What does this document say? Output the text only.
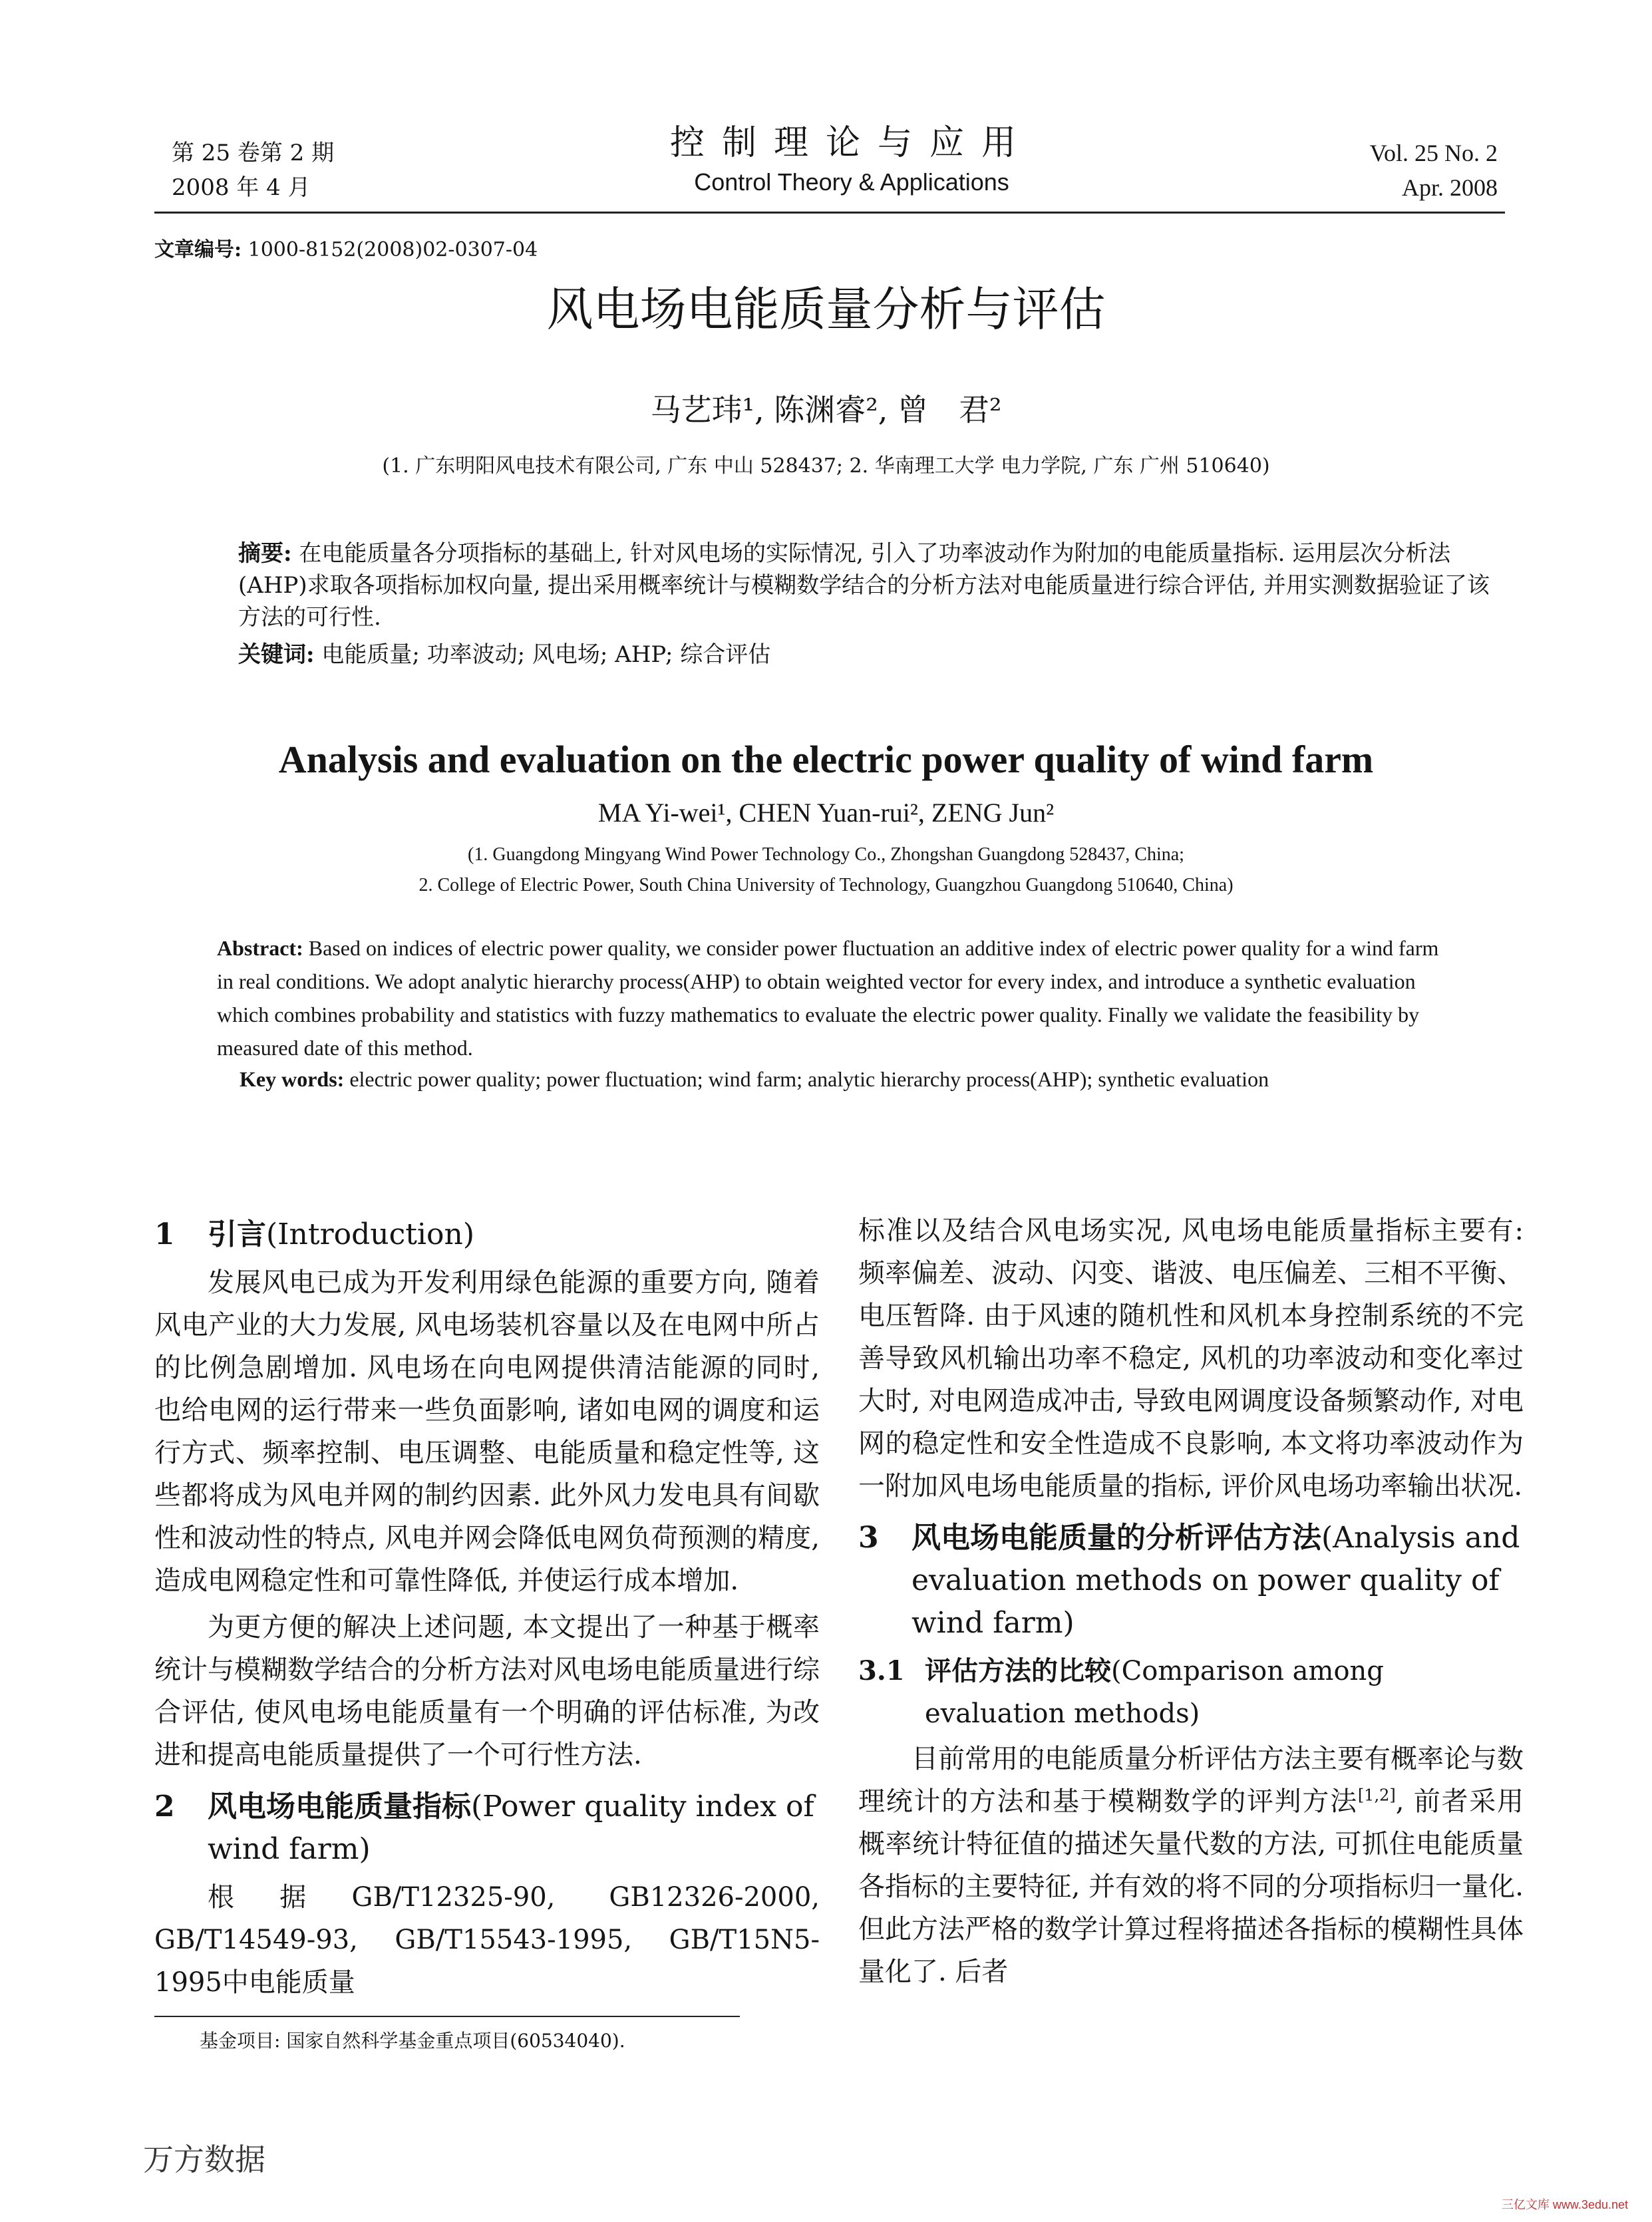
第 25 卷第 2 期
2008 年 4 月
控制理论与应用
Control Theory & Applications
Vol. 25 No. 2
Apr. 2008
文章编号: 1000-8152(2008)02-0307-04
风电场电能质量分析与评估
马艺玮¹, 陈渊睿², 曾　君²
(1. 广东明阳风电技术有限公司, 广东 中山 528437; 2. 华南理工大学 电力学院, 广东 广州 510640)
摘要: 在电能质量各分项指标的基础上, 针对风电场的实际情况, 引入了功率波动作为附加的电能质量指标. 运用层次分析法(AHP)求取各项指标加权向量, 提出采用概率统计与模糊数学结合的分析方法对电能质量进行综合评估, 并用实测数据验证了该方法的可行性.
关键词: 电能质量; 功率波动; 风电场; AHP; 综合评估
Analysis and evaluation on the electric power quality of wind farm
MA Yi-wei¹, CHEN Yuan-rui², ZENG Jun²
(1. Guangdong Mingyang Wind Power Technology Co., Zhongshan Guangdong 528437, China;
2. College of Electric Power, South China University of Technology, Guangzhou Guangdong 510640, China)
Abstract: Based on indices of electric power quality, we consider power fluctuation an additive index of electric power quality for a wind farm in real conditions. We adopt analytic hierarchy process(AHP) to obtain weighted vector for every index, and introduce a synthetic evaluation which combines probability and statistics with fuzzy mathematics to evaluate the electric power quality. Finally we validate the feasibility by measured date of this method.
Key words: electric power quality; power fluctuation; wind farm; analytic hierarchy process(AHP); synthetic evaluation
1	引言(Introduction)

发展风电已成为开发利用绿色能源的重要方向, 随着风电产业的大力发展, 风电场装机容量以及在电网中所占的比例急剧增加. 风电场在向电网提供清洁能源的同时, 也给电网的运行带来一些负面影响, 诸如电网的调度和运行方式、频率控制、电压调整、电能质量和稳定性等, 这些都将成为风电并网的制约因素. 此外风力发电具有间歇性和波动性的特点, 风电并网会降低电网负荷预测的精度, 造成电网稳定性和可靠性降低, 并使运行成本增加.

为更方便的解决上述问题, 本文提出了一种基于概率统计与模糊数学结合的分析方法对风电场电能质量进行综合评估, 使风电场电能质量有一个明确的评估标准, 为改进和提高电能质量提供了一个可行性方法.

2	风电场电能质量指标(Power quality index of wind farm)

根据GB/T12325-90, GB12326-2000, GB/T14549-93, GB/T15543-1995, GB/T15N5-1995中电能质量

标准以及结合风电场实况, 风电场电能质量指标主要有: 频率偏差、波动、闪变、谐波、电压偏差、三相不平衡、电压暂降. 由于风速的随机性和风机本身控制系统的不完善导致风机输出功率不稳定, 风机的功率波动和变化率过大时, 对电网造成冲击, 导致电网调度设备频繁动作, 对电网的稳定性和安全性造成不良影响, 本文将功率波动作为一附加风电场电能质量的指标, 评价风电场功率输出状况.

3	风电场电能质量的分析评估方法(Analysis and evaluation methods on power quality of wind farm)
3.1 评估方法的比较(Comparison among evaluation methods)

目前常用的电能质量分析评估方法主要有概率论与数理统计的方法和基于模糊数学的评判方法[1,2], 前者采用概率统计特征值的描述矢量代数的方法, 可抓住电能质量各指标的主要特征, 并有效的将不同的分项指标归一量化. 但此方法严格的数学计算过程将描述各指标的模糊性具体量化了. 后者

基金项目: 国家自然科学基金重点项目(60534040).
万方数据
三亿文库 www.3edu.net
